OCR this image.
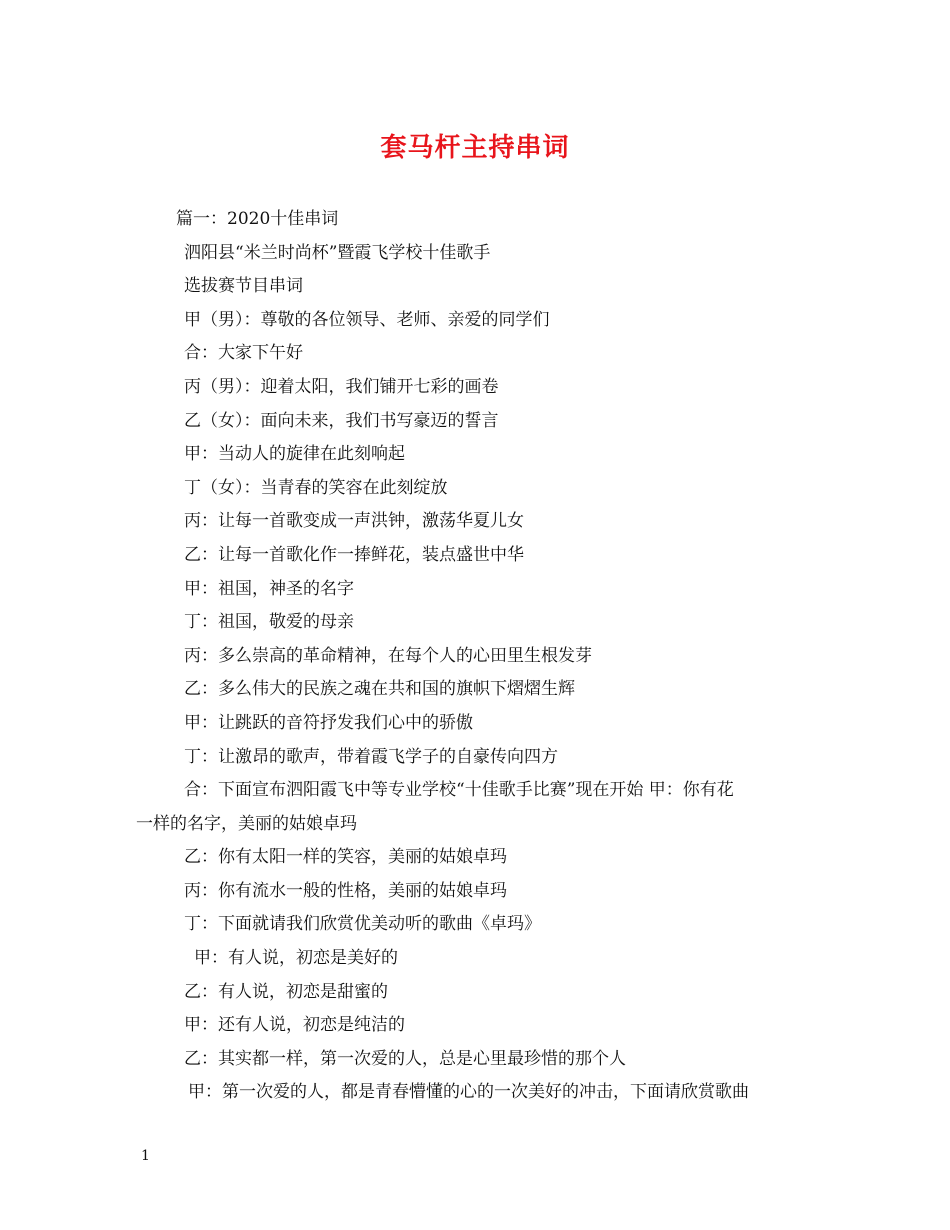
套马杆主持串词

篇一：2020十佳串词

泗阳县“米兰时尚杯”暨霞飞学校十佳歌手

选拔赛节目串词

甲（男）：尊敬的各位领导、老师、亲爱的同学们

合：大家下午好

丙（男）：迎着太阳，我们铺开七彩的画卷

乙（女）：面向未来，我们书写豪迈的誓言

甲：当动人的旋律在此刻响起

丁（女）：当青春的笑容在此刻绽放

丙：让每一首歌变成一声洪钟，激荡华夏儿女

乙：让每一首歌化作一捧鲜花，装点盛世中华

甲：祖国，神圣的名字

丁：祖国，敬爱的母亲

丙：多么崇高的革命精神，在每个人的心田里生根发芽

乙：多么伟大的民族之魂在共和国的旗帜下熠熠生辉

甲：让跳跃的音符抒发我们心中的骄傲

丁：让激昂的歌声，带着霞飞学子的自豪传向四方

合：下面宣布泗阳霞飞中等专业学校“十佳歌手比赛”现在开始 甲：你有花
一样的名字，美丽的姑娘卓玛

乙：你有太阳一样的笑容，美丽的姑娘卓玛

丙：你有流水一般的性格，美丽的姑娘卓玛

丁：下面就请我们欣赏优美动听的歌曲《卓玛》

甲：有人说，初恋是美好的

乙：有人说，初恋是甜蜜的

甲：还有人说，初恋是纯洁的

乙：其实都一样，第一次爱的人，总是心里最珍惜的那个人

甲：第一次爱的人，都是青春懵懂的心的一次美好的冲击，下面请欣赏歌曲

1
